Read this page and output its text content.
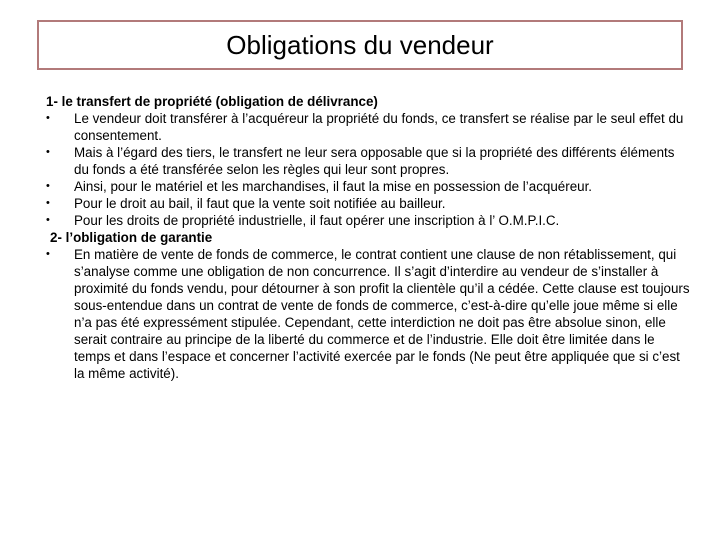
Obligations du vendeur

1- le transfert de propriété (obligation de délivrance)

•	Le vendeur doit transférer à l’acquéreur la propriété du fonds, ce transfert se réalise par le seul effet du consentement.
•	Mais à l’égard des tiers, le transfert ne leur sera opposable que si la propriété des différents éléments du fonds a été transférée selon les règles qui leur sont propres.
•	Ainsi, pour le matériel et les marchandises, il faut la mise en possession de l’acquéreur.
•	Pour le droit au bail, il faut que la vente soit notifiée au bailleur.
•	Pour les droits de propriété industrielle, il faut opérer une inscription à l’ O.M.P.I.C.

2- l’obligation de garantie

•	En matière de vente de fonds de commerce, le contrat contient une clause de non rétablissement, qui s’analyse comme une obligation de non concurrence. Il s’agit d’interdire au vendeur de s’installer à proximité du fonds vendu, pour détourner à son profit la clientèle qu’il a cédée. Cette clause est toujours sous-entendue dans un contrat de vente de fonds de commerce, c’est-à-dire qu’elle joue même si elle n’a pas été expressément stipulée. Cependant, cette interdiction ne doit pas être absolue sinon, elle serait contraire au principe de la liberté du commerce et de l’industrie. Elle doit être limitée dans le temps et dans l’espace et concerner l’activité exercée par le fonds (Ne peut être appliquée que si c’est la même activité).
